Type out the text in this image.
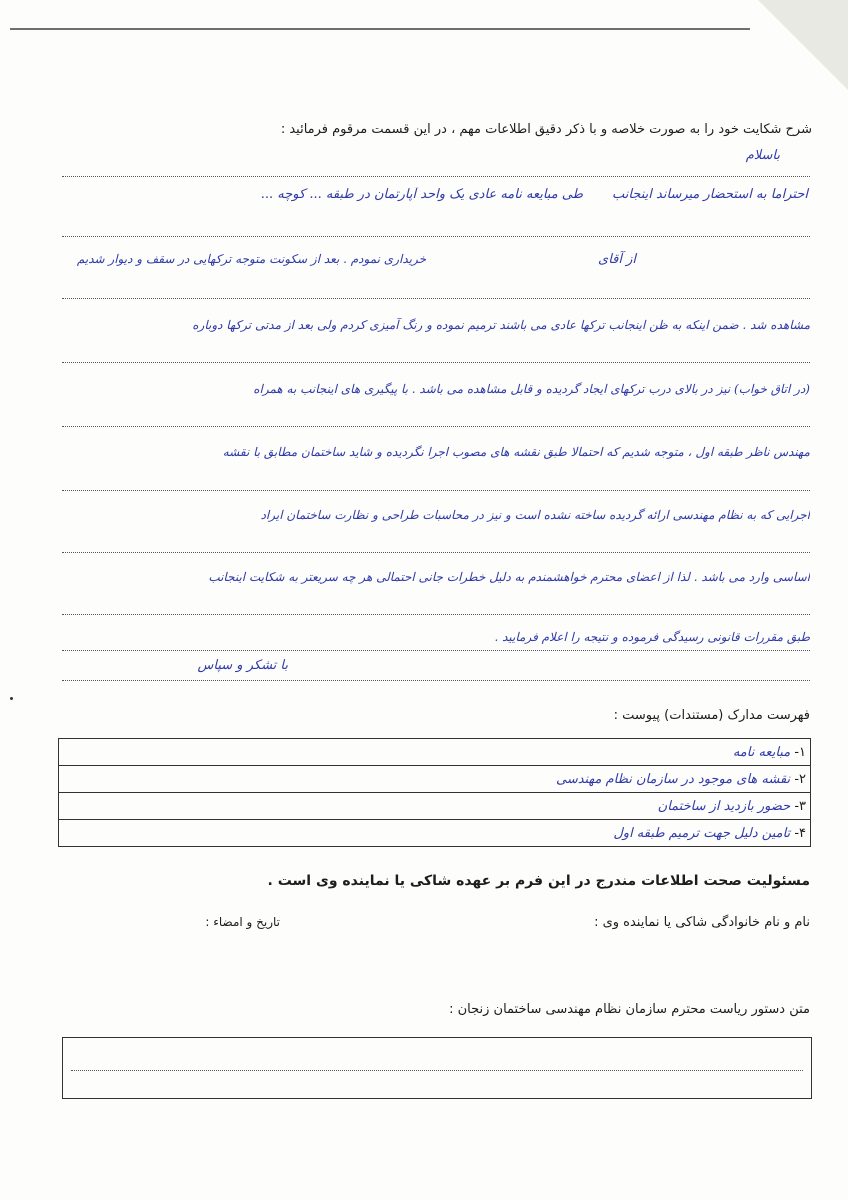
شرح شکایت خود را به صورت خلاصه و با ذکر دقیق اطلاعات مهم ، در این قسمت مرقوم فرمائید :
باسلام
احتراما به استحضار میرساند اینجانب
طی مبایعه نامه عادی یک واحد آپارتمان در طبقه ... کوچه ...
از آقای
خریداری نمودم . بعد از سکونت متوجه ترکهایی در سقف و دیوار شدیم
مشاهده شد . ضمن اینکه به ظن اینجانب ترکها عادی می باشند ترمیم نموده و رنگ آمیزی کردم ولی بعد از مدتی ترکها دوباره
(در اتاق خواب) نیز در بالای درب ترکهای ایجاد گردیده و قابل مشاهده می باشد . با پیگیری های اینجانب به همراه
مهندس ناظر طبقه اول ، متوجه شدیم که احتمالا طبق نقشه های مصوب اجرا نگردیده و شاید ساختمان مطابق با نقشه
اجرایی که به نظام مهندسی ارائه گردیده ساخته نشده است و نیز در محاسبات طراحی و نظارت ساختمان ایراد
اساسی وارد می باشد . لذا از اعضای محترم خواهشمندم به دلیل خطرات جانی احتمالی هر چه سریعتر به شکایت اینجانب
طبق مقررات قانونی رسیدگی فرموده و نتیجه را اعلام فرمایید .
با تشکر و سپاس
فهرست مدارک (مستندات) پیوست :
۱- مبایعه نامه
۲- نقشه های موجود در سازمان نظام مهندسی
۳- حضور بازدید از ساختمان
۴- تامین دلیل جهت ترمیم طبقه اول
مسئولیت صحت اطلاعات مندرج در این فرم بر عهده شاکی یا نماینده وی است .
نام و نام خانوادگی شاکی یا نماینده وی :
تاریخ و امضاء :
متن دستور ریاست محترم سازمان نظام مهندسی ساختمان زنجان :
